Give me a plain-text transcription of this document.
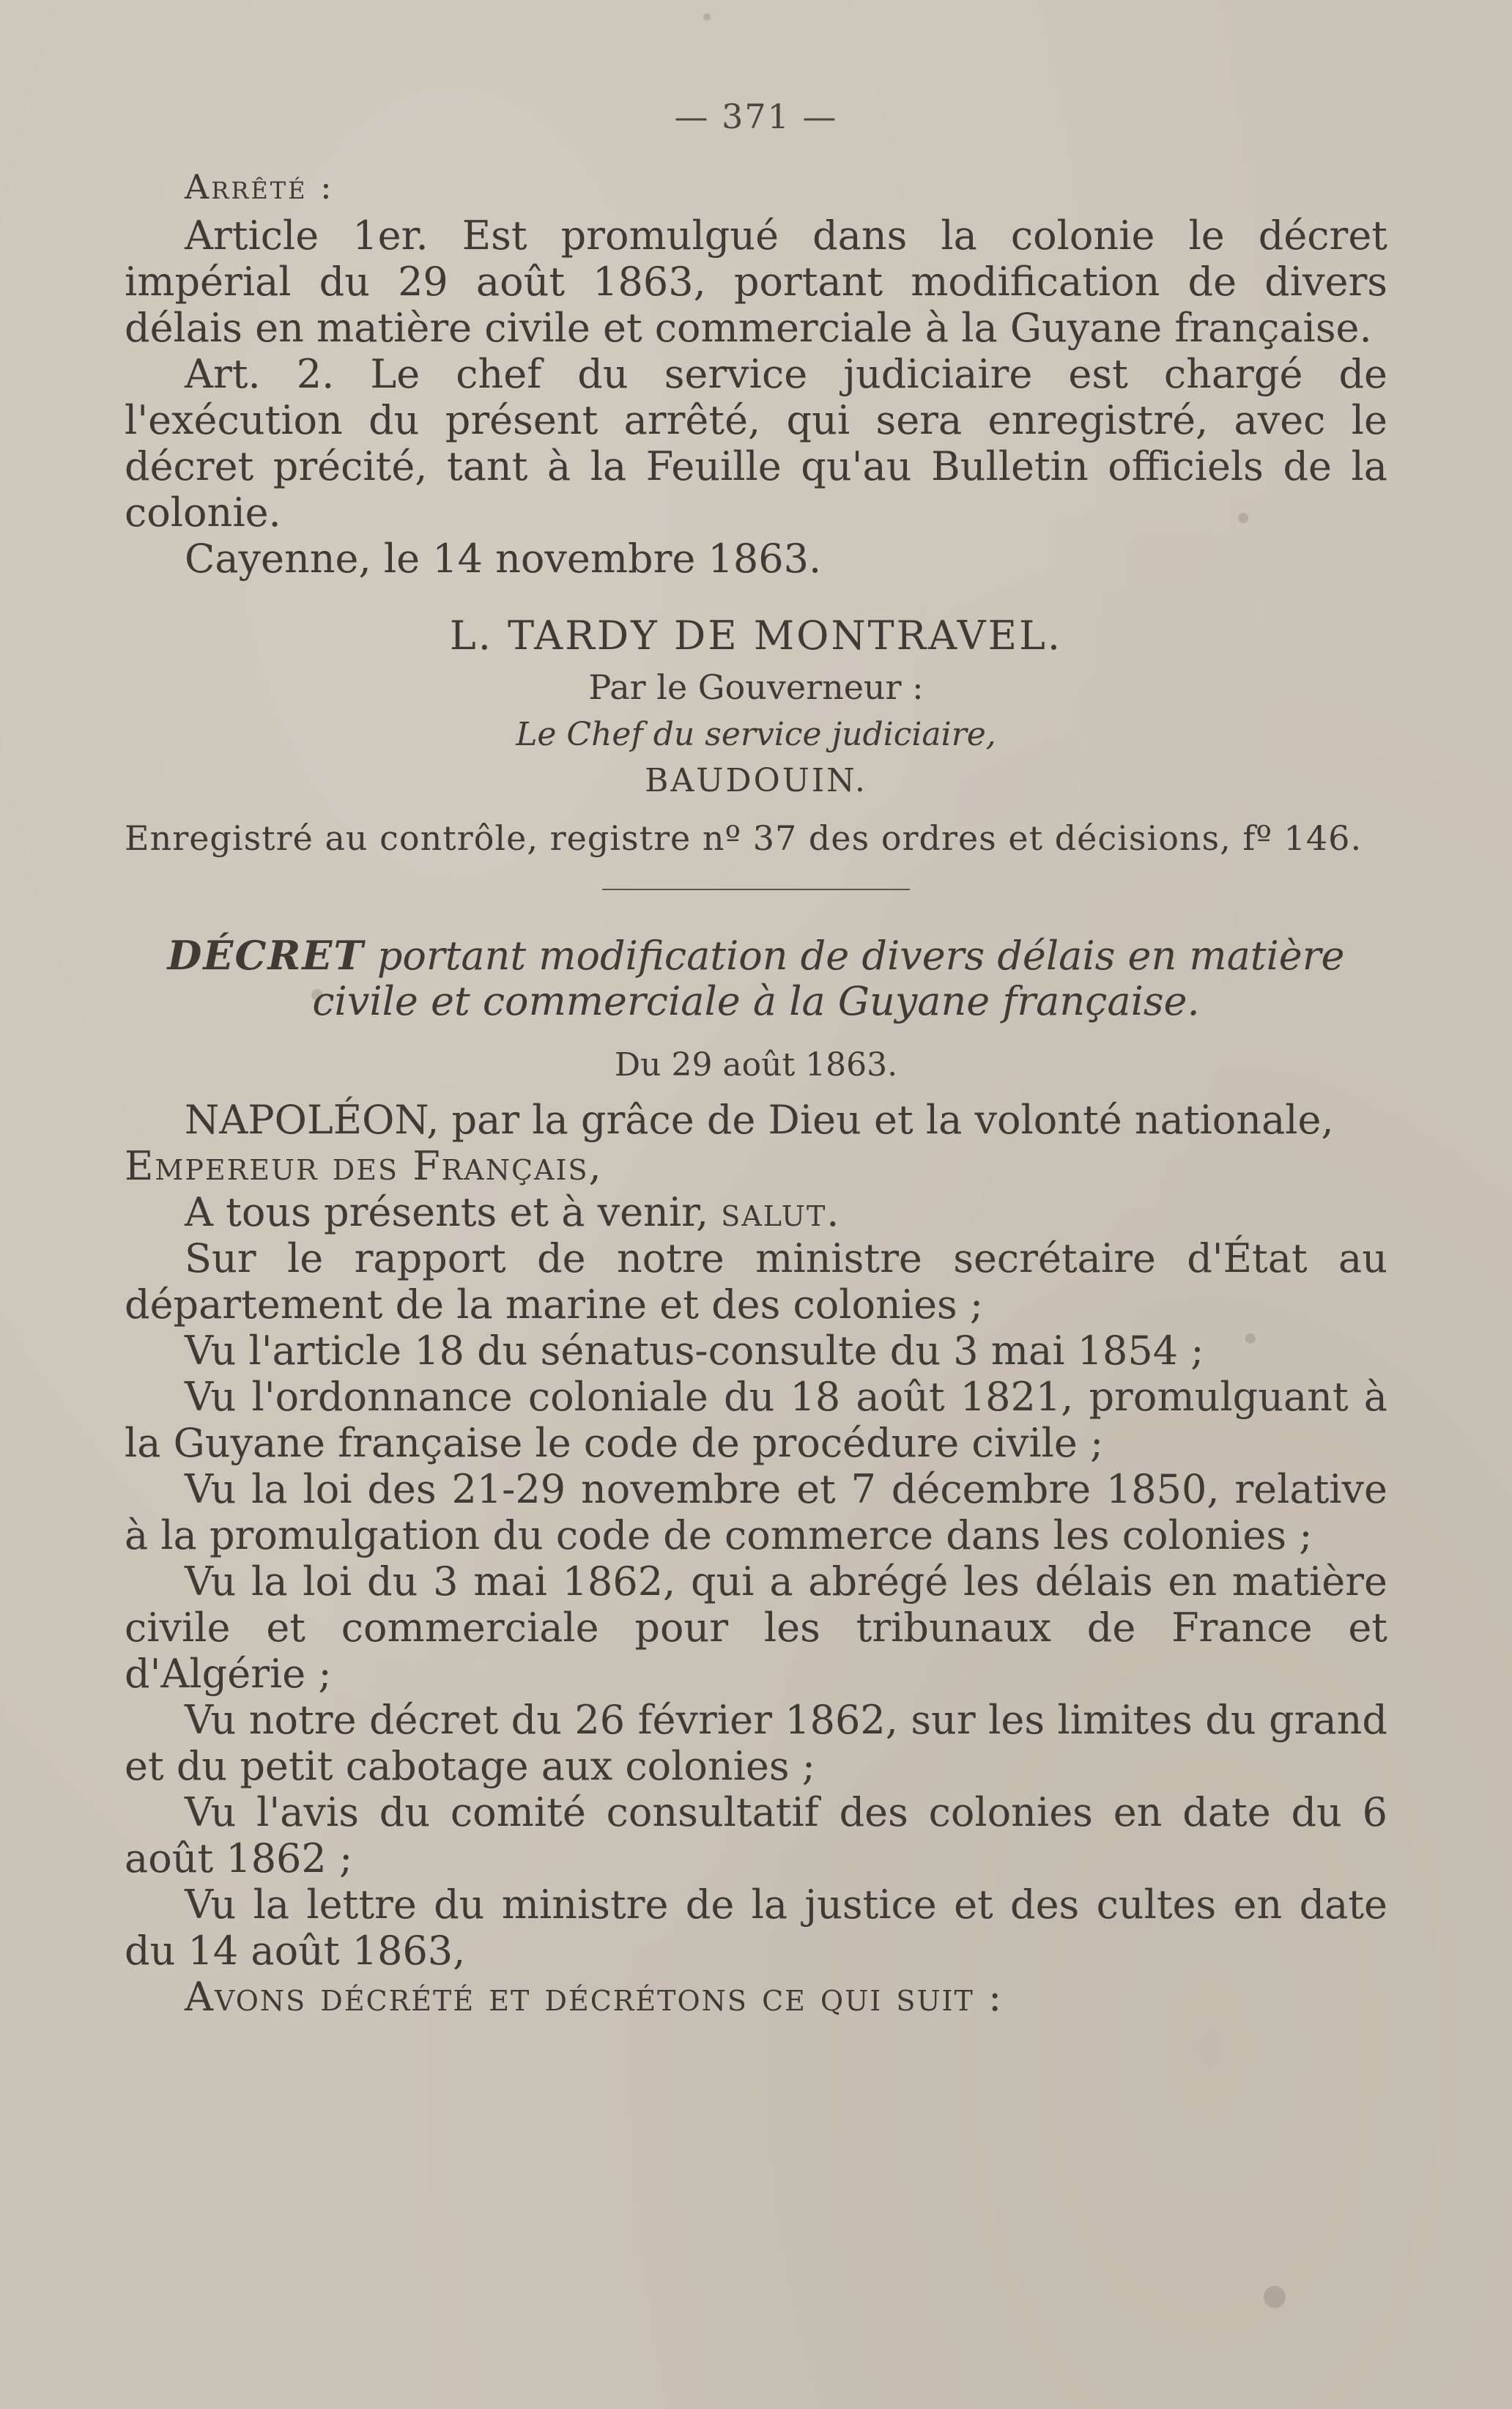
— 371 —
Arrêté :

Article 1er. Est promulgué dans la colonie le décret impérial du 29 août 1863, portant modification de divers délais en matière civile et commerciale à la Guyane française.

Art. 2. Le chef du service judiciaire est chargé de l'exécution du présent arrêté, qui sera enregistré, avec le décret précité, tant à la Feuille qu'au Bulletin officiels de la colonie.

Cayenne, le 14 novembre 1863.

L. TARDY DE MONTRAVEL.
Par le Gouverneur :
Le Chef du service judiciaire,
BAUDOUIN.
Enregistré au contrôle, registre nº 37 des ordres et décisions, fº 146.
DÉCRET portant modification de divers délais en matière civile et commerciale à la Guyane française.
Du 29 août 1863.

NAPOLÉON, par la grâce de Dieu et la volonté nationale,
Empereur des Français,

A tous présents et à venir, salut.

Sur le rapport de notre ministre secrétaire d'État au département de la marine et des colonies ;

Vu l'article 18 du sénatus-consulte du 3 mai 1854 ;

Vu l'ordonnance coloniale du 18 août 1821, promulguant à la Guyane française le code de procédure civile ;

Vu la loi des 21-29 novembre et 7 décembre 1850, relative à la promulgation du code de commerce dans les colonies ;

Vu la loi du 3 mai 1862, qui a abrégé les délais en matière civile et commerciale pour les tribunaux de France et d'Algérie ;

Vu notre décret du 26 février 1862, sur les limites du grand et du petit cabotage aux colonies ;

Vu l'avis du comité consultatif des colonies en date du 6 août 1862 ;

Vu la lettre du ministre de la justice et des cultes en date du 14 août 1863,

Avons décrété et décrétons ce qui suit :
